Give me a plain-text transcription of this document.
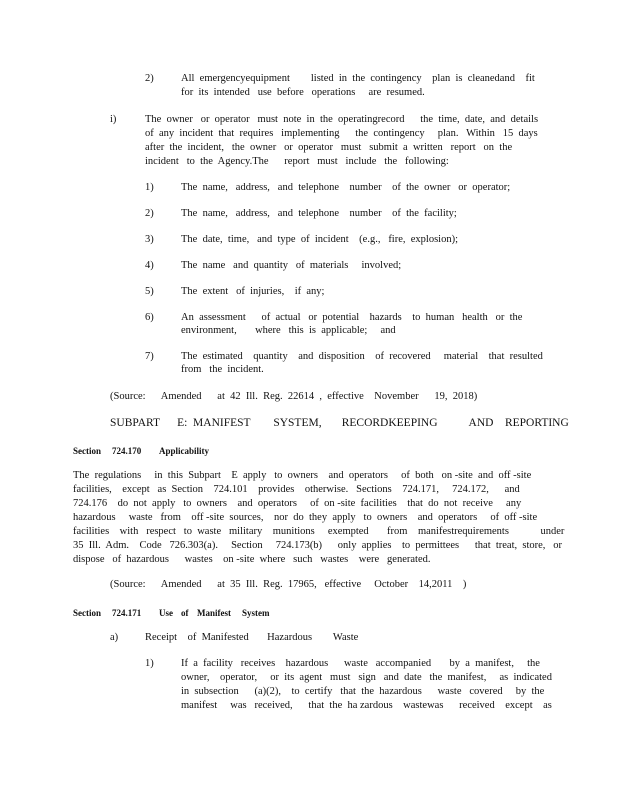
2)	All  emergencyequipment        listed  in  the  contingency    plan  is  cleanedand    fit
for  its  intended   use  before   operations     are  resumed.
i)	The  owner   or  operator   must  note  in  the  operatingrecord      the  time,  date,  and  details
of  any  incident  that  requires   implementing      the  contingency     plan.   Within   15  days
after  the  incident,   the  owner   or  operator   must   submit  a  written   report   on  the
incident   to  the  Agency.The      report   must   include   the   following:
1)	The  name,   address,   and  telephone    number    of  the  owner   or  operator;
2)	The  name,   address,   and  telephone    number    of  the  facility;
3)	The  date,  time,   and  type  of  incident    (e.g.,   fire,  explosion);
4)	The  name   and  quantity   of  materials     involved;
5)	The  extent   of  injuries,    if  any;
6)	An  assessment      of  actual   or  potential    hazards    to  human   health   or  the
environment,       where   this  is  applicable;     and
7)	The  estimated    quantity    and  disposition    of  recovered     material    that  resulted
from   the  incident.
(Source:      Amended      at  42  Ill.  Reg.  22614  ,  effective    November      19,  2018)
SUBPART      E:  MANIFEST        SYSTEM,       RECORDKEEPING           AND    REPORTING
Section 724.170 Applicability
The  regulations     in  this  Subpart    E  apply   to  owners    and  operators     of  both   on -site  and  off -site
facilities,    except   as  Section    724.101    provides    otherwise.   Sections    724.171,     724.172,      and
724.176    do  not  apply   to  owners    and  operators     of  on -site  facilities    that  do  not  receive     any
hazardous     waste   from    off -site  sources,    nor  do  they  apply   to  owners    and  operators     of  off -site
facilities    with   respect   to  waste   military    munitions     exempted       from    manifestrequirements            under
35  Ill.  Adm.    Code   726.303(a).     Section     724.173(b)      only  applies    to  permittees      that  treat,  store,   or
dispose   of  hazardous      wastes    on -site  where   such   wastes    were   generated.
(Source:      Amended      at  35  Ill.  Reg.  17965,   effective     October    14,2011    )
Section 724.171 Use of Manifest System
a)	Receipt    of  Manifested       Hazardous        Waste
1)	If  a  facility   receives    hazardous      waste   accompanied       by  a  manifest,     the
owner,    operator,     or  its  agent   must   sign   and  date   the  manifest,     as  indicated
in  subsection      (a)(2),    to  certify   that  the  hazardous      waste   covered     by  the
manifest     was   received,      that  the  ha zardous    wastewas      received    except    as
